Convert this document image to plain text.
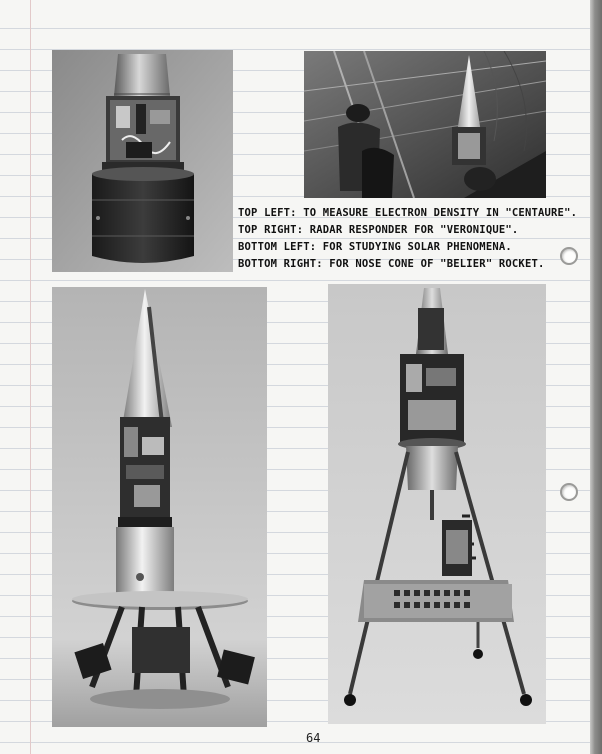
TOP LEFT: TO MEASURE ELECTRON DENSITY IN "CENTAURE".
TOP RIGHT: RADAR RESPONDER FOR "VERONIQUE".
BOTTOM LEFT: FOR STUDYING SOLAR PHENOMENA.
BOTTOM RIGHT: FOR NOSE CONE OF "BELIER" ROCKET.
64
